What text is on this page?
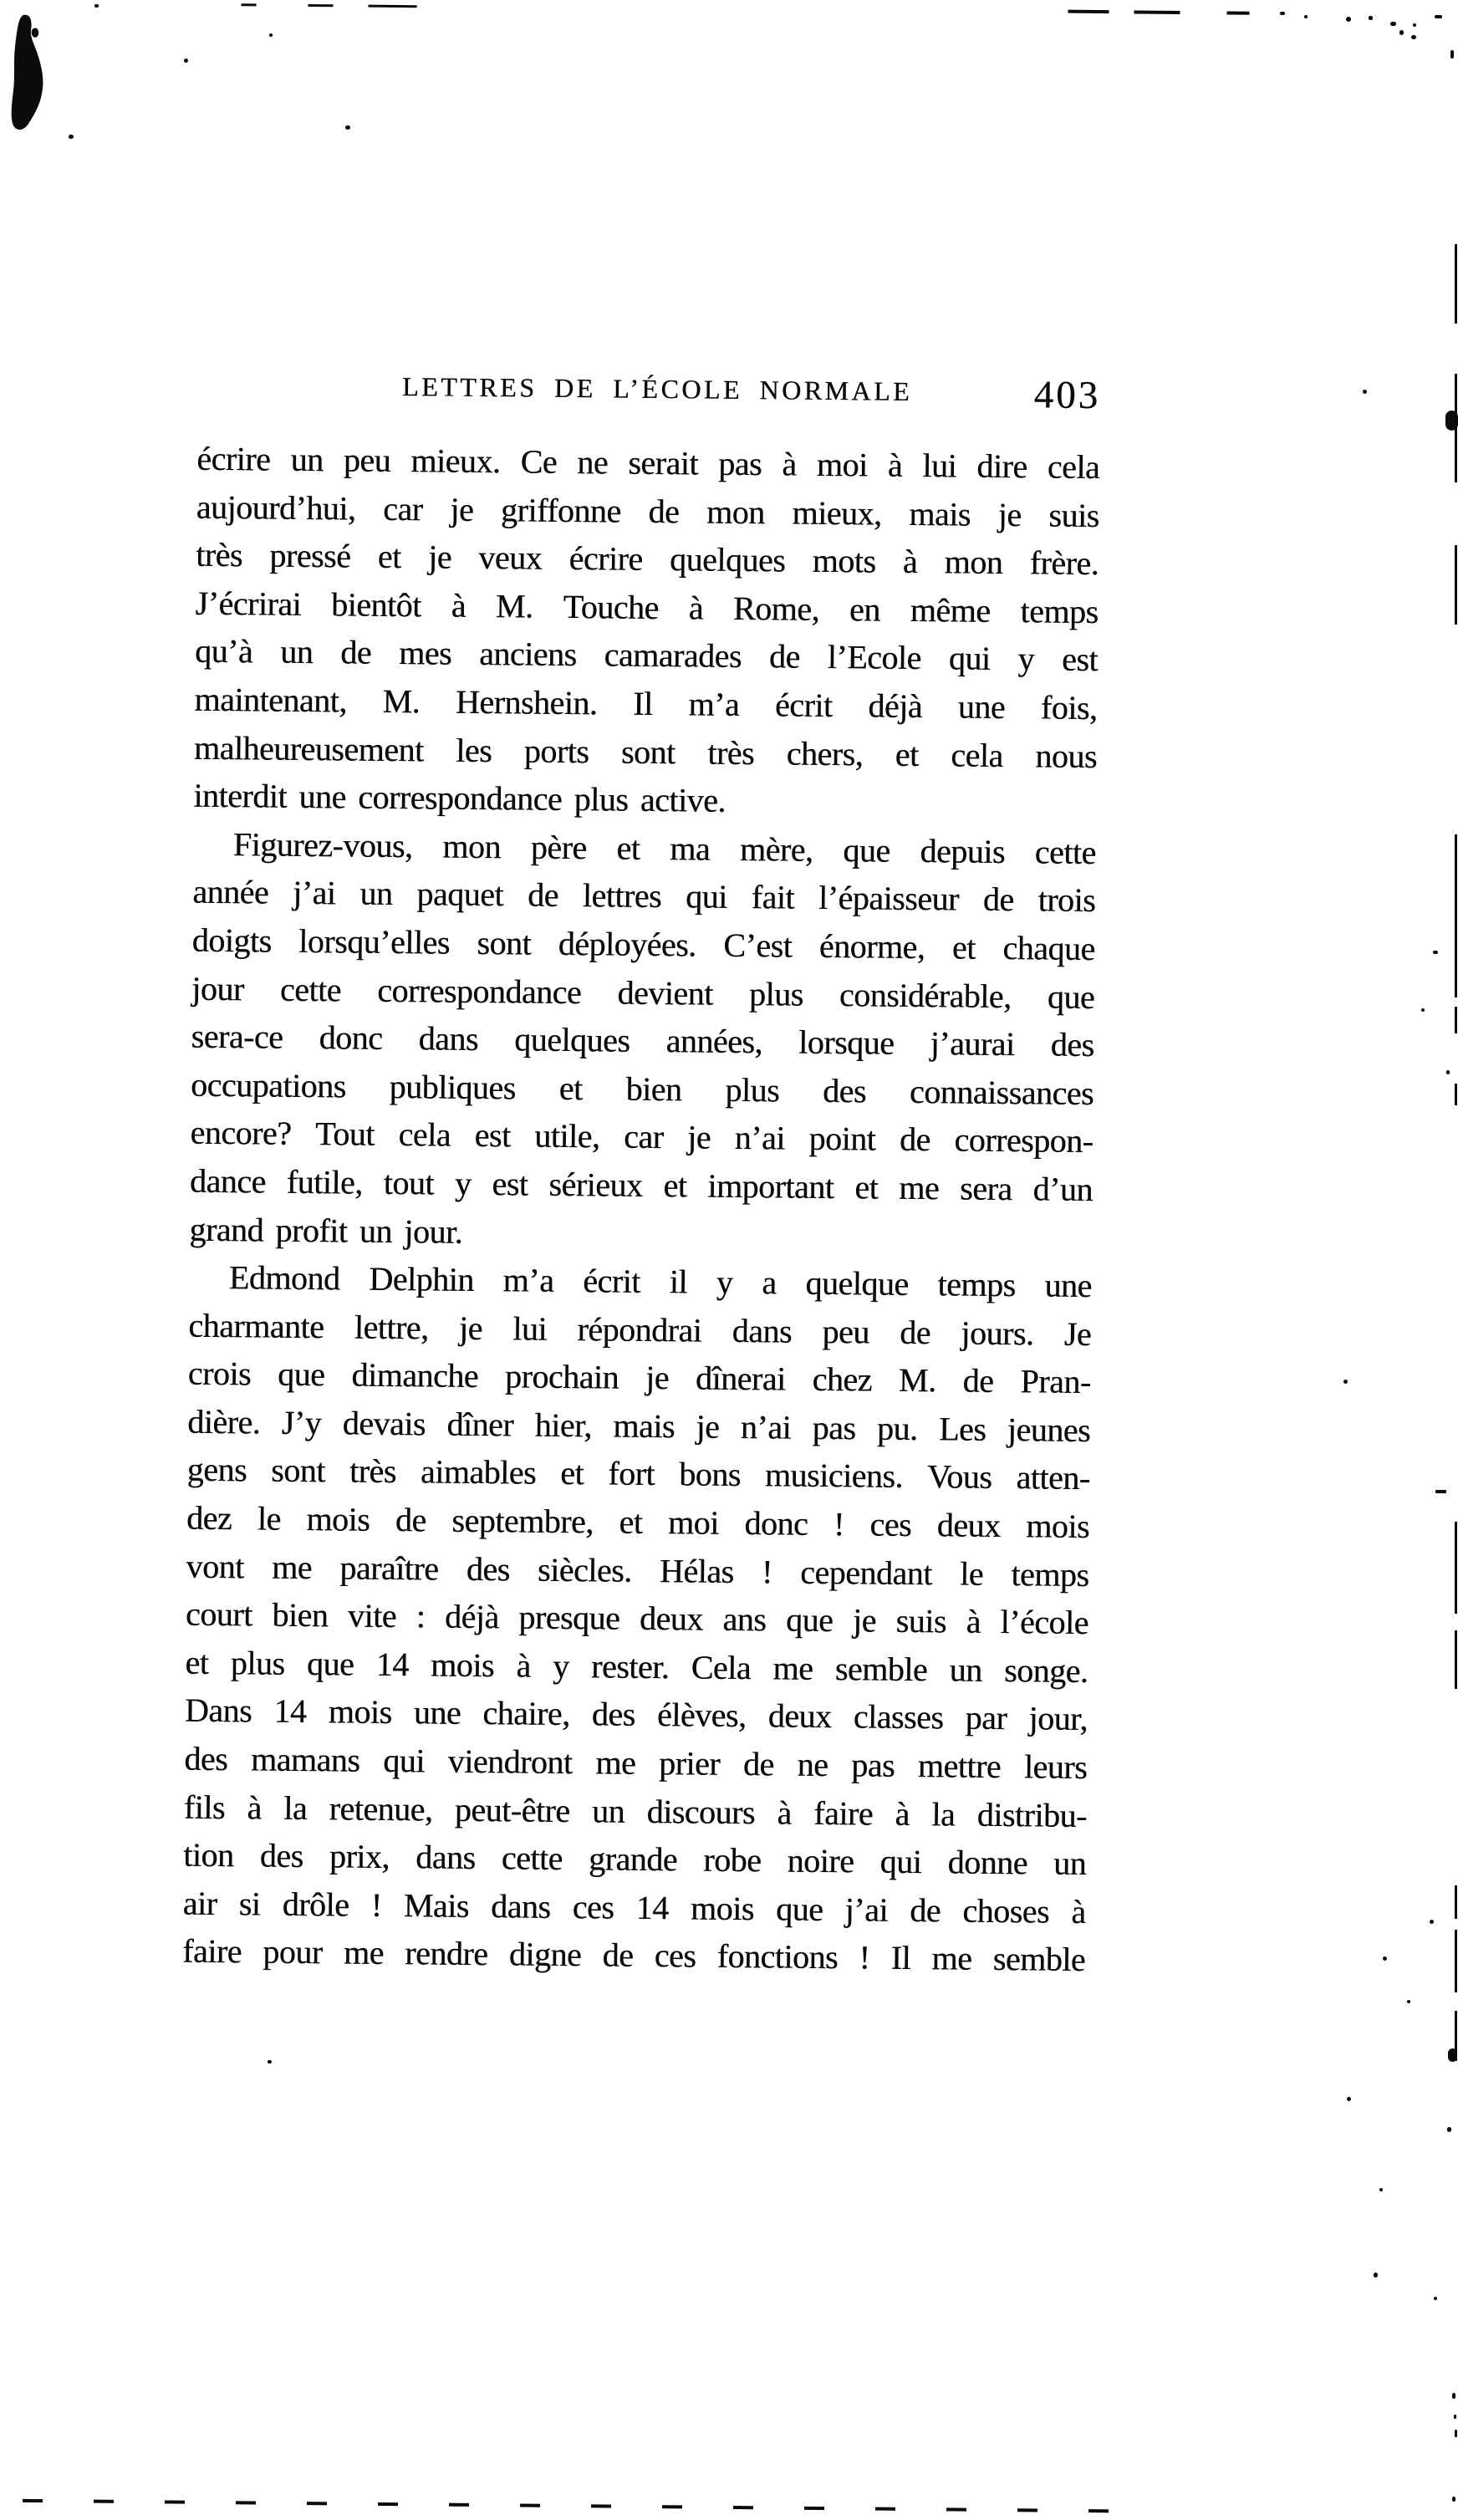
LETTRES DE L’ÉCOLE NORMALE	403
écrire un peu mieux. Ce ne serait pas à moi à lui dire cela
aujourd’hui, car je griffonne de mon mieux, mais je suis
très pressé et je veux écrire quelques mots à mon frère.
J’écrirai bientôt à M. Touche à Rome, en même temps
qu’à un de mes anciens camarades de l’Ecole qui y est
maintenant, M. Hernshein. Il m’a écrit déjà une fois,
malheureusement les ports sont très chers, et cela nous
interdit une correspondance plus active.
Figurez-vous, mon père et ma mère, que depuis cette
année j’ai un paquet de lettres qui fait l’épaisseur de trois
doigts lorsqu’elles sont déployées. C’est énorme, et chaque
jour cette correspondance devient plus considérable, que
sera-ce donc dans quelques années, lorsque j’aurai des
occupations publiques et bien plus des connaissances
encore? Tout cela est utile, car je n’ai point de correspon-
dance futile, tout y est sérieux et important et me sera d’un
grand profit un jour.
Edmond Delphin m’a écrit il y a quelque temps une
charmante lettre, je lui répondrai dans peu de jours. Je
crois que dimanche prochain je dînerai chez M. de Pran-
dière. J’y devais dîner hier, mais je n’ai pas pu. Les jeunes
gens sont très aimables et fort bons musiciens. Vous atten-
dez le mois de septembre, et moi donc ! ces deux mois
vont me paraître des siècles. Hélas ! cependant le temps
court bien vite : déjà presque deux ans que je suis à l’école
et plus que 14 mois à y rester. Cela me semble un songe.
Dans 14 mois une chaire, des élèves, deux classes par jour,
des mamans qui viendront me prier de ne pas mettre leurs
fils à la retenue, peut-être un discours à faire à la distribu-
tion des prix, dans cette grande robe noire qui donne un
air si drôle ! Mais dans ces 14 mois que j’ai de choses à
faire pour me rendre digne de ces fonctions ! Il me semble
